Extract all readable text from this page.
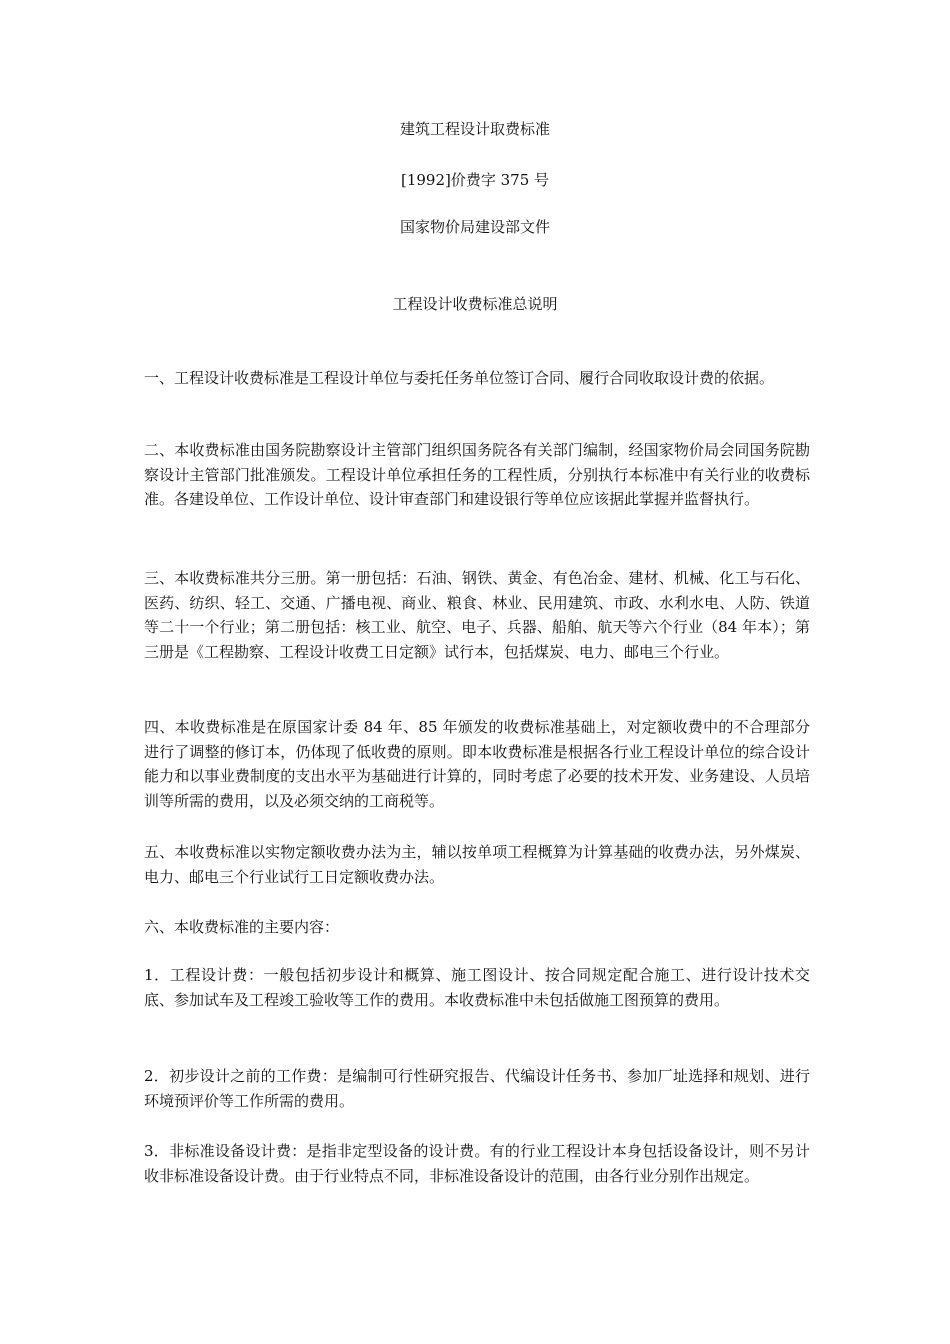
建筑工程设计取费标准
[1992]价费字 375 号
国家物价局建设部文件
工程设计收费标准总说明
一、工程设计收费标准是工程设计单位与委托任务单位签订合同、履行合同收取设计费的依据。
二、本收费标准由国务院勘察设计主管部门组织国务院各有关部门编制，经国家物价局会同国务院勘察设计主管部门批准颁发。工程设计单位承担任务的工程性质，分别执行本标准中有关行业的收费标准。各建设单位、工作设计单位、设计审查部门和建设银行等单位应该据此掌握并监督执行。
三、本收费标准共分三册。第一册包括：石油、钢铁、黄金、有色冶金、建材、机械、化工与石化、医药、纺织、轻工、交通、广播电视、商业、粮食、林业、民用建筑、市政、水利水电、人防、铁道等二十一个行业；第二册包括：核工业、航空、电子、兵器、船舶、航天等六个行业（84 年本）；第三册是《工程勘察、工程设计收费工日定额》试行本，包括煤炭、电力、邮电三个行业。
四、本收费标准是在原国家计委 84 年、85 年颁发的收费标准基础上，对定额收费中的不合理部分进行了调整的修订本，仍体现了低收费的原则。即本收费标准是根据各行业工程设计单位的综合设计能力和以事业费制度的支出水平为基础进行计算的，同时考虑了必要的技术开发、业务建设、人员培训等所需的费用，以及必须交纳的工商税等。
五、本收费标准以实物定额收费办法为主，辅以按单项工程概算为计算基础的收费办法，另外煤炭、电力、邮电三个行业试行工日定额收费办法。
六、本收费标准的主要内容：
1．工程设计费：一般包括初步设计和概算、施工图设计、按合同规定配合施工、进行设计技术交底、参加试车及工程竣工验收等工作的费用。本收费标准中未包括做施工图预算的费用。
2．初步设计之前的工作费：是编制可行性研究报告、代编设计任务书、参加厂址选择和规划、进行环境预评价等工作所需的费用。
3．非标准设备设计费：是指非定型设备的设计费。有的行业工程设计本身包括设备设计，则不另计收非标准设备设计费。由于行业特点不同，非标准设备设计的范围，由各行业分别作出规定。
